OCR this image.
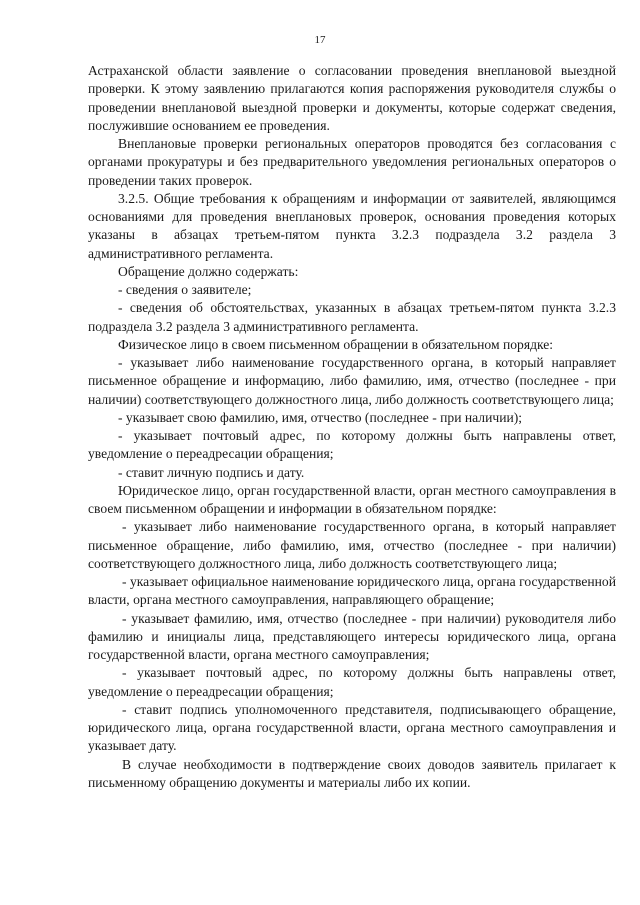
17

Астраханской области заявление о согласовании проведения внеплановой выездной проверки. К этому заявлению прилагаются копия распоряжения руководителя службы о проведении внеплановой выездной проверки и документы, которые содержат сведения, послужившие основанием ее проведения.

Внеплановые проверки региональных операторов проводятся без согласования с органами прокуратуры и без предварительного уведомления региональных операторов о проведении таких проверок.

3.2.5. Общие требования к обращениям и информации от заявителей, являющимся основаниями для проведения внеплановых проверок, основания проведения которых указаны в абзацах третьем-пятом пункта 3.2.3 подраздела 3.2 раздела 3 административного регламента.

Обращение должно содержать:

- сведения о заявителе;

- сведения об обстоятельствах, указанных в абзацах третьем-пятом пункта 3.2.3 подраздела 3.2 раздела 3 административного регламента.

Физическое лицо в своем письменном обращении в обязательном порядке:

- указывает либо наименование государственного органа, в который направляет письменное обращение и информацию, либо фамилию, имя, отчество (последнее - при наличии) соответствующего должностного лица, либо должность соответствующего лица;

- указывает свою фамилию, имя, отчество (последнее - при наличии);

- указывает почтовый адрес, по которому должны быть направлены ответ, уведомление о переадресации обращения;

- ставит личную подпись и дату.

Юридическое лицо, орган государственной власти, орган местного самоуправления в своем письменном обращении и информации в обязательном порядке:

- указывает либо наименование государственного органа, в который направляет письменное обращение, либо фамилию, имя, отчество (последнее - при наличии) соответствующего должностного лица, либо должность соответствующего лица;

- указывает официальное наименование юридического лица, органа государственной власти, органа местного самоуправления, направляющего обращение;

- указывает фамилию, имя, отчество (последнее - при наличии) руководителя либо фамилию и инициалы лица, представляющего интересы юридического лица, органа государственной власти, органа местного самоуправления;

- указывает почтовый адрес, по которому должны быть направлены ответ, уведомление о переадресации обращения;

- ставит подпись уполномоченного представителя, подписывающего обращение, юридического лица, органа государственной власти, органа местного самоуправления и указывает дату.

В случае необходимости в подтверждение своих доводов заявитель прилагает к письменному обращению документы и материалы либо их копии.
